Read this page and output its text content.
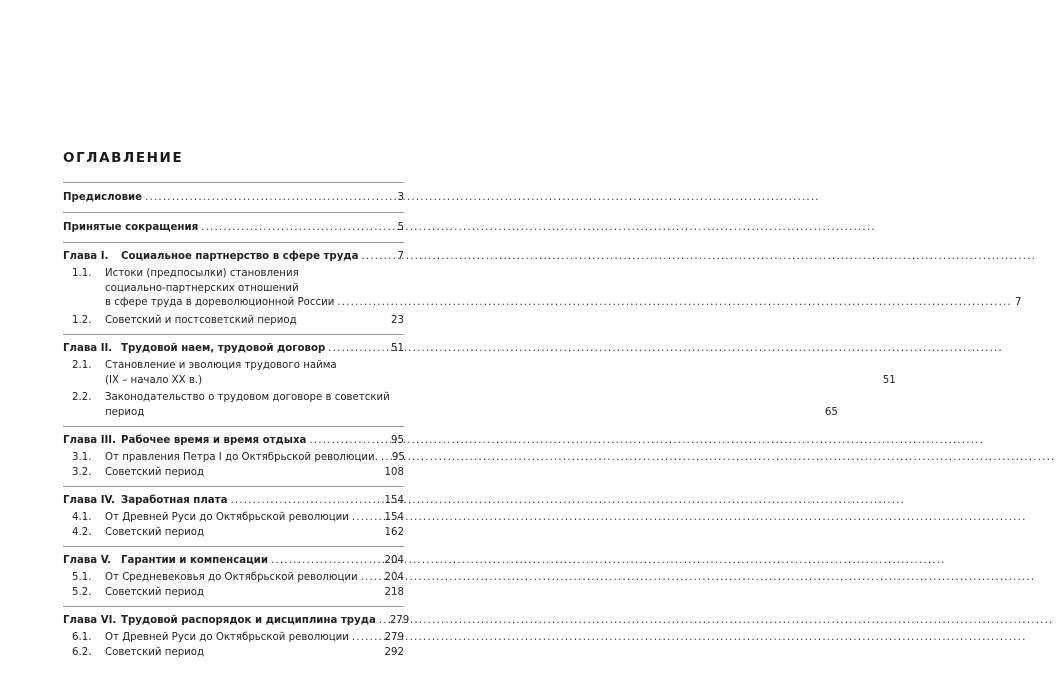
ОГЛАВЛЕНИЕ
Предисловие .....	3
Принятые сокращения .....	5
Глава I.	Социальное партнерство в сфере труда .....	7
1.1.	Истоки (предпосылки) становления
социально-партнерских отношений
в сфере труда в дореволюционной России .....	7
1.2.	Советский и постсоветский период	23
Глава II. Трудовой наем, трудовой договор .....	51
2.1.	Становление и эволюция трудового найма
(IX – начало XX в.)	51
2.2.	Законодательство о трудовом договоре в советский
период	65
Глава III. Рабочее время и время отдыха .....	95
3.1.	От правления Петра I до Октябрьской революции. ..... 95
3.2.	Советский период	108
Глава IV. Заработная плата .....	154
4.1.	От Древней Руси до Октябрьской революции .....	154
4.2.	Советский период	162
Глава V. Гарантии и компенсации .....	204
5.1.	От Средневековья до Октябрьской революции .....	204
5.2.	Советский период	218
Глава VI. Трудовой распорядок и дисциплина труда ..... 279
6.1.	От Древней Руси до Октябрьской революции .....	279
6.2.	Советский период	292
